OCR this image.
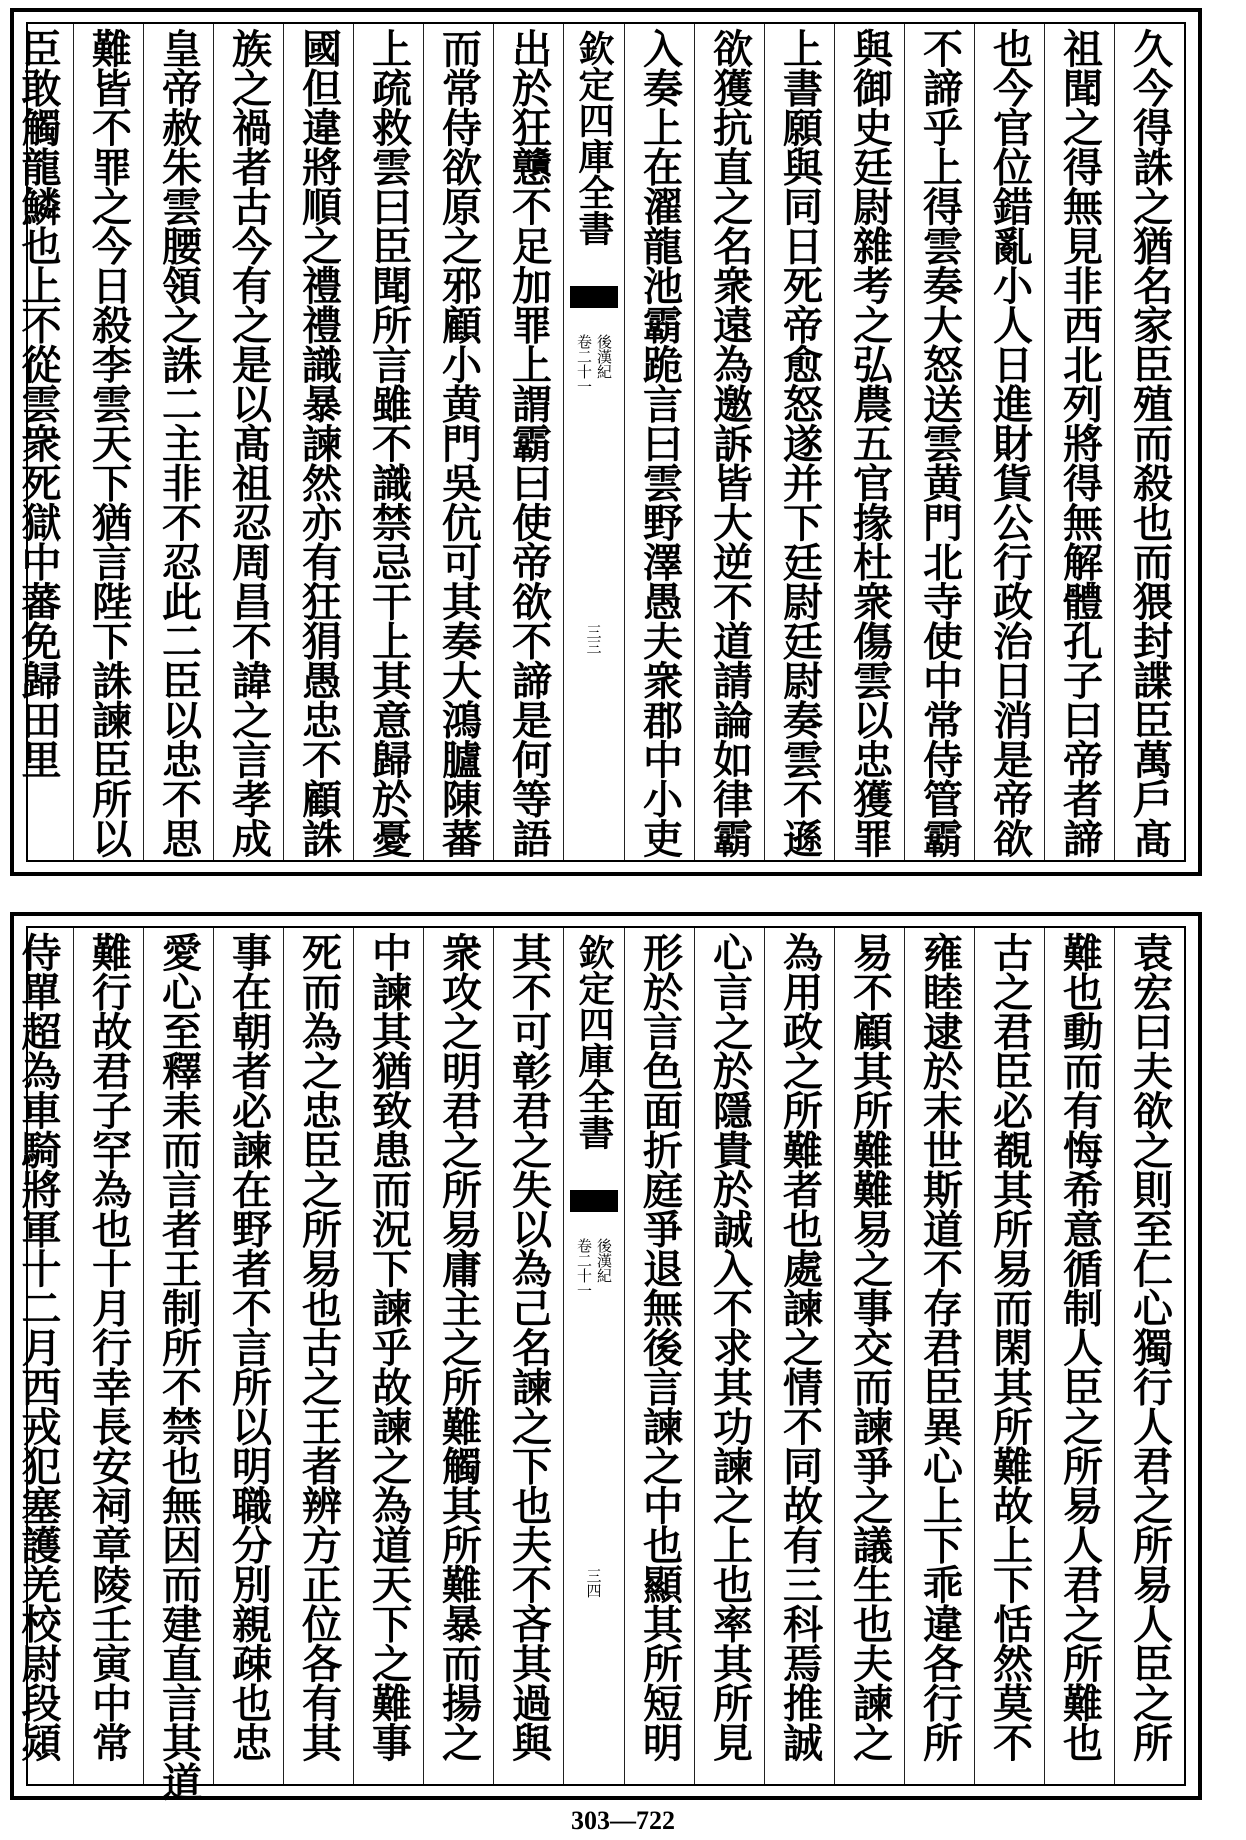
久今得誅之猶名家臣殖而殺也而猥封諜臣萬戶髙
祖聞之得無見非西北列將得無解體孔子曰帝者諦
也今官位錯亂小人日進財貨公行政治日消是帝欲
不諦乎上得雲奏大怒送雲黄門北寺使中常侍管霸
與御史廷尉雜考之弘農五官掾杜衆傷雲以忠獲罪
上書願與同日死帝愈怒遂并下廷尉廷尉奏雲不遜
欲獲抗直之名衆遠為邀訴皆大逆不道請論如律霸
入奏上在濯龍池霸跪言曰雲野澤愚夫衆郡中小吏
欽定四庫全書
後漢紀
卷二十一
三三
出於狂戇不足加罪上謂霸曰使帝欲不諦是何等語
而常侍欲原之邪顧小黄門吳伉可其奏大鴻臚陳蕃
上疏救雲曰臣聞所言雖不識禁忌干上其意歸於憂
國但違將順之禮禮識暴諫然亦有狂狷愚忠不顧誅
族之禍者古今有之是以髙祖忍周昌不諱之言孝成
皇帝赦朱雲腰領之誅二主非不忍此二臣以忠不思
難皆不罪之今日殺李雲天下猶言陛下誅諫臣所以
臣敢觸龍鱗也上不從雲衆死獄中蕃免歸田里
袁宏曰夫欲之則至仁心獨行人君之所易人臣之所
難也動而有悔希意循制人臣之所易人君之所難也
古之君臣必覩其所易而閑其所難故上下恬然莫不
雍睦逮於末世斯道不存君臣異心上下乖違各行所
易不顧其所難難易之事交而諫爭之議生也夫諫之
為用政之所難者也處諫之情不同故有三科焉推誠
心言之於隱貴於誠入不求其功諫之上也率其所見
形於言色面折庭爭退無後言諫之中也顯其所短明
欽定四庫全書
後漢紀
卷二十一
三四
其不可彰君之失以為己名諫之下也夫不吝其過與
衆攻之明君之所易庸主之所難觸其所難暴而揚之
中諫其猶致患而況下諫乎故諫之為道天下之難事
死而為之忠臣之所易也古之王者辨方正位各有其
事在朝者必諫在野者不言所以明職分別親疎也忠
愛心至釋耒而言者王制所不禁也無因而建直言其道
難行故君子罕為也十月行幸長安祠章陵壬寅中常
侍單超為車騎將軍十二月西戎犯塞護羌校尉段熲
303—722
